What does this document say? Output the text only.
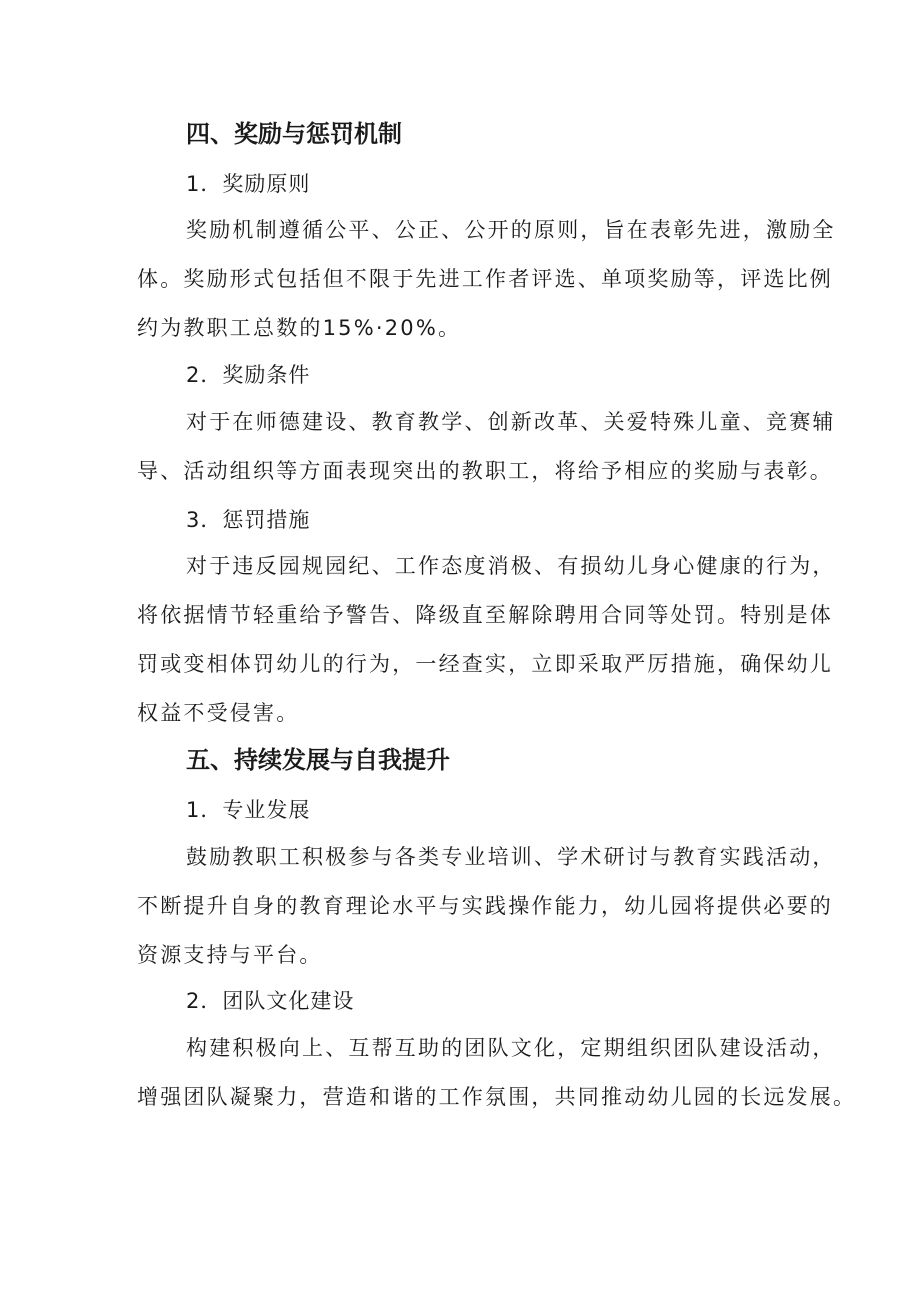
四、奖励与惩罚机制
1．奖励原则
奖励机制遵循公平、公正、公开的原则，旨在表彰先进，激励全
体。奖励形式包括但不限于先进工作者评选、单项奖励等，评选比例
约为教职工总数的15%·20%。
2．奖励条件
对于在师德建设、教育教学、创新改革、关爱特殊儿童、竞赛辅
导、活动组织等方面表现突出的教职工，将给予相应的奖励与表彰。
3．惩罚措施
对于违反园规园纪、工作态度消极、有损幼儿身心健康的行为，
将依据情节轻重给予警告、降级直至解除聘用合同等处罚。特别是体
罚或变相体罚幼儿的行为，一经查实，立即采取严厉措施，确保幼儿
权益不受侵害。
五、持续发展与自我提升
1．专业发展
鼓励教职工积极参与各类专业培训、学术研讨与教育实践活动，
不断提升自身的教育理论水平与实践操作能力，幼儿园将提供必要的
资源支持与平台。
2．团队文化建设
构建积极向上、互帮互助的团队文化，定期组织团队建设活动，
增强团队凝聚力，营造和谐的工作氛围，共同推动幼儿园的长远发展。
